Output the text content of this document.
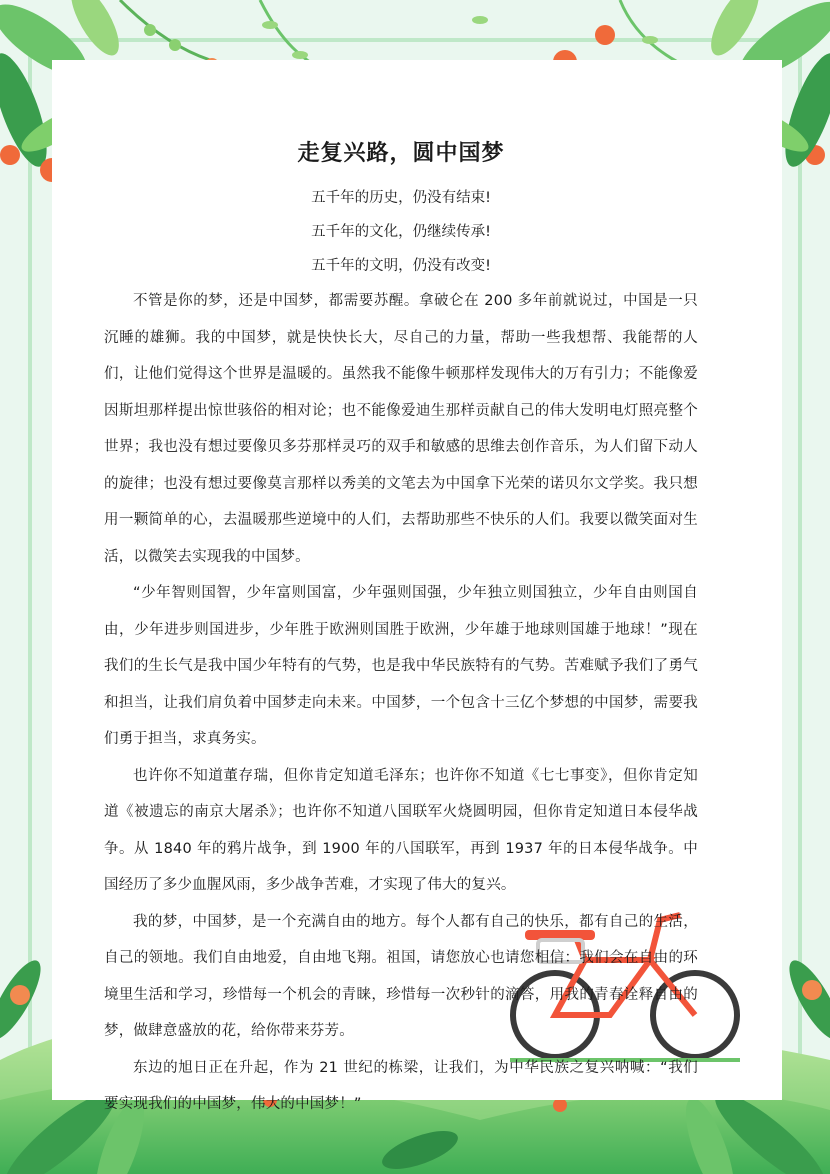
走复兴路，圆中国梦

五千年的历史，仍没有结束!

五千年的文化，仍继续传承!

五千年的文明，仍没有改变!

不管是你的梦，还是中国梦，都需要苏醒。拿破仑在 200 多年前就说过，中国是一只沉睡的雄狮。我的中国梦，就是快快长大，尽自己的力量，帮助一些我想帮、我能帮的人们，让他们觉得这个世界是温暖的。虽然我不能像牛顿那样发现伟大的万有引力；不能像爱因斯坦那样提出惊世骇俗的相对论；也不能像爱迪生那样贡献自己的伟大发明电灯照亮整个世界；我也没有想过要像贝多芬那样灵巧的双手和敏感的思维去创作音乐，为人们留下动人的旋律；也没有想过要像莫言那样以秀美的文笔去为中国拿下光荣的诺贝尔文学奖。我只想用一颗简单的心，去温暖那些逆境中的人们，去帮助那些不快乐的人们。我要以微笑面对生活，以微笑去实现我的中国梦。

“少年智则国智，少年富则国富，少年强则国强，少年独立则国独立，少年自由则国自由，少年进步则国进步，少年胜于欧洲则国胜于欧洲，少年雄于地球则国雄于地球！”现在我们的生长气是我中国少年特有的气势，也是我中华民族特有的气势。苦难赋予我们了勇气和担当，让我们肩负着中国梦走向未来。中国梦，一个包含十三亿个梦想的中国梦，需要我们勇于担当，求真务实。

也许你不知道董存瑞，但你肯定知道毛泽东；也许你不知道《七七事变》，但你肯定知道《被遗忘的南京大屠杀》；也许你不知道八国联军火烧圆明园，但你肯定知道日本侵华战争。从 1840 年的鸦片战争，到 1900 年的八国联军，再到 1937 年的日本侵华战争。中国经历了多少血腥风雨，多少战争苦难，才实现了伟大的复兴。

我的梦，中国梦，是一个充满自由的地方。每个人都有自己的快乐，都有自己的生活，自己的领地。我们自由地爱，自由地飞翔。祖国，请您放心也请您相信：我们会在自由的环境里生活和学习，珍惜每一个机会的青睐，珍惜每一次秒针的滴答，用我的青春诠释自由的梦，做肆意盛放的花，给你带来芬芳。

东边的旭日正在升起，作为 21 世纪的栋梁，让我们，为中华民族之复兴呐喊：“我们要实现我们的中国梦，伟大的中国梦！”
